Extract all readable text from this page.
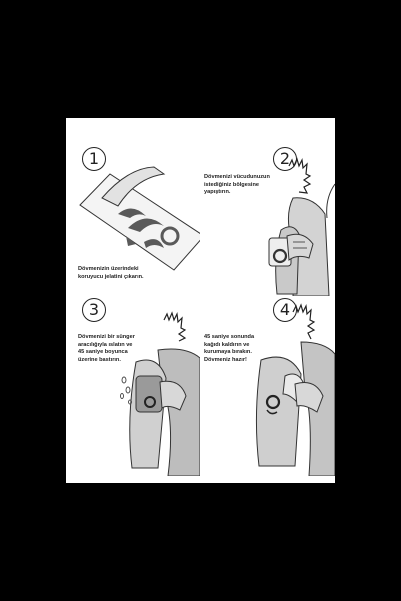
1
Dövmenizin üzerindeki
koruyucu jelatini çıkarın.
2
Dövmenizi vücudunuzun
istediğiniz bölgesine
yapıştırın.
3
Dövmenizi bir sünger
aracılığıyla ıslatın ve
45 saniye boyunca
üzerine bastırın.
4
45 saniye sonunda
kağıdı kaldırın ve
kurumaya bırakın.
Dövmeniz hazır!
